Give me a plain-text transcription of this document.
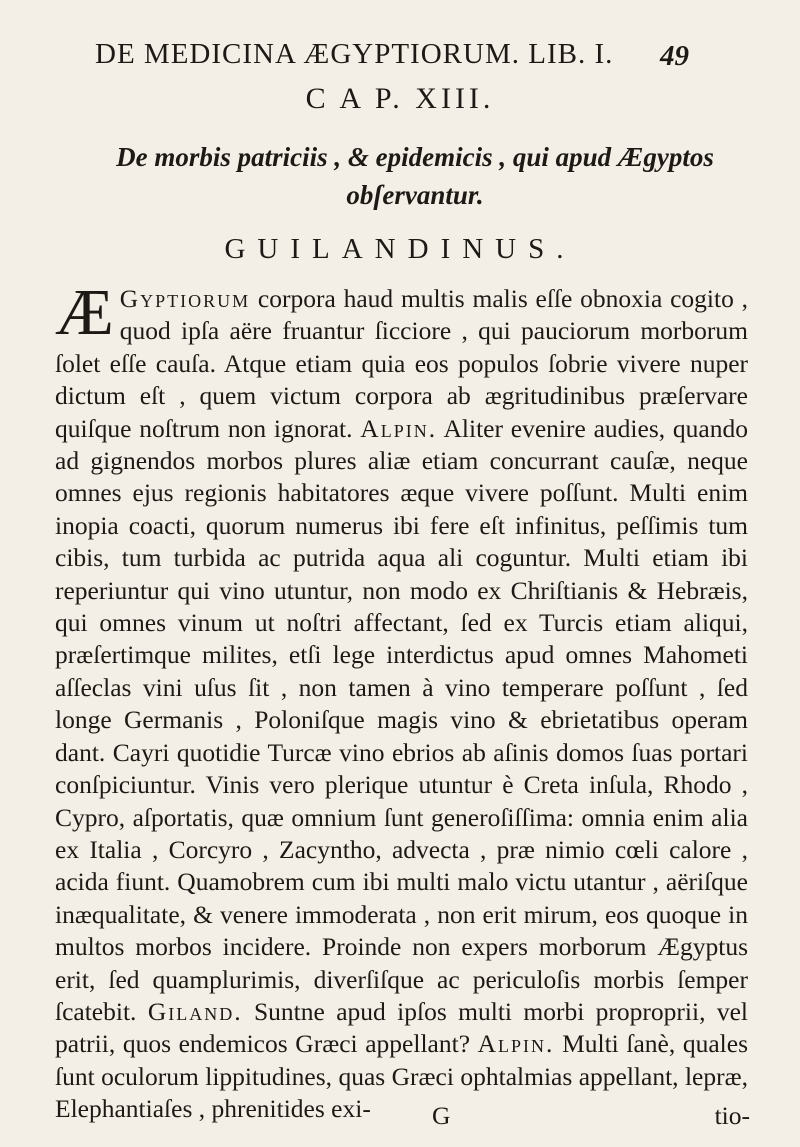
DE MEDICINA ÆGYPTIORUM. LIB. I.	49
C A P. XIII.
De morbis patriciis , & epidemicis , qui apud Ægyptos obſervantur.
GUILANDINUS.
Æ Gyptiorum corpora haud multis malis eſſe obnoxia cogito , quod ipſa aëre fruantur ſicciore , qui pauciorum morborum ſolet eſſe cauſa. Atque etiam quia eos populos ſobrie vivere nuper dictum eſt , quem victum corpora ab ægritudinibus præſervare quiſque noſtrum non ignorat. Alpin. Aliter evenire audies, quando ad gignendos morbos plures aliæ etiam concurrant cauſæ, neque omnes ejus regionis habitatores æque vivere poſſunt. Multi enim inopia coacti, quorum numerus ibi fere eſt infinitus, peſſimis tum cibis, tum turbida ac putrida aqua ali coguntur. Multi etiam ibi reperiuntur qui vino utuntur, non modo ex Chriſtianis & Hebræis, qui omnes vinum ut noſtri affectant, ſed ex Turcis etiam aliqui, præſertimque milites, etſi lege interdictus apud omnes Mahometi aſſeclas vini uſus ſit , non tamen à vino temperare poſſunt , ſed longe Germanis , Poloniſque magis vino & ebrietatibus operam dant. Cayri quotidie Turcæ vino ebrios ab aſinis domos ſuas portari conſpiciuntur. Vinis vero plerique utuntur è Creta inſula, Rhodo , Cypro, aſportatis, quæ omnium ſunt generoſiſſima: omnia enim alia ex Italia , Corcyro , Zacyntho, advecta , præ nimio cœli calore , acida fiunt. Quamobrem cum ibi multi malo victu utantur , aëriſque inæqualitate, & venere immoderata , non erit mirum, eos quoque in multos morbos incidere. Proinde non expers morborum Ægyptus erit, ſed quamplurimis, diverſiſque ac periculoſis morbis ſemper ſcatebit. Giland. Suntne apud ipſos multi morbi proproprii, vel patrii, quos endemicos Græci appellant? Alpin. Multi ſanè, quales ſunt oculorum lippitudines, quas Græci ophtalmias appellant, lepræ, Elephantiaſes , phrenitides exi-	G	tio-
